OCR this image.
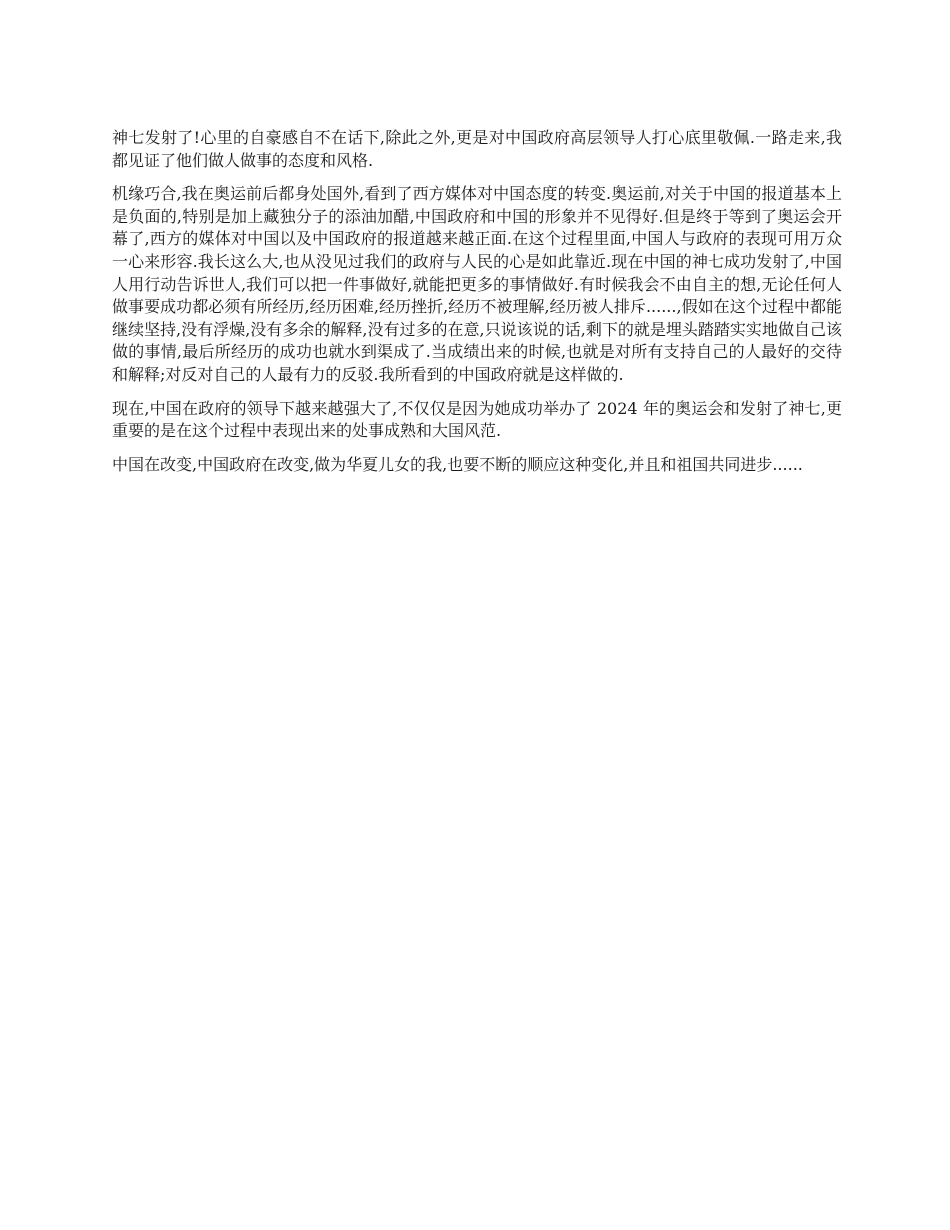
神七发射了!心里的自豪感自不在话下,除此之外,更是对中国政府高层领导人打心底里敬佩.一路走来,我都见证了他们做人做事的态度和风格.

机缘巧合,我在奥运前后都身处国外,看到了西方媒体对中国态度的转变.奥运前,对关于中国的报道基本上是负面的,特别是加上藏独分子的添油加醋,中国政府和中国的形象并不见得好.但是终于等到了奥运会开幕了,西方的媒体对中国以及中国政府的报道越来越正面.在这个过程里面,中国人与政府的表现可用万众一心来形容.我长这么大,也从没见过我们的政府与人民的心是如此靠近.现在中国的神七成功发射了,中国人用行动告诉世人,我们可以把一件事做好,就能把更多的事情做好.有时候我会不由自主的想,无论任何人做事要成功都必须有所经历,经历困难,经历挫折,经历不被理解,经历被人排斥......,假如在这个过程中都能继续坚持,没有浮燥,没有多余的解释,没有过多的在意,只说该说的话,剩下的就是埋头踏踏实实地做自己该做的事情,最后所经历的成功也就水到渠成了.当成绩出来的时候,也就是对所有支持自己的人最好的交待和解释;对反对自己的人最有力的反驳.我所看到的中国政府就是这样做的.

现在,中国在政府的领导下越来越强大了,不仅仅是因为她成功举办了 2024 年的奥运会和发射了神七,更重要的是在这个过程中表现出来的处事成熟和大国风范.

中国在改变,中国政府在改变,做为华夏儿女的我,也要不断的顺应这种变化,并且和祖国共同进步......
